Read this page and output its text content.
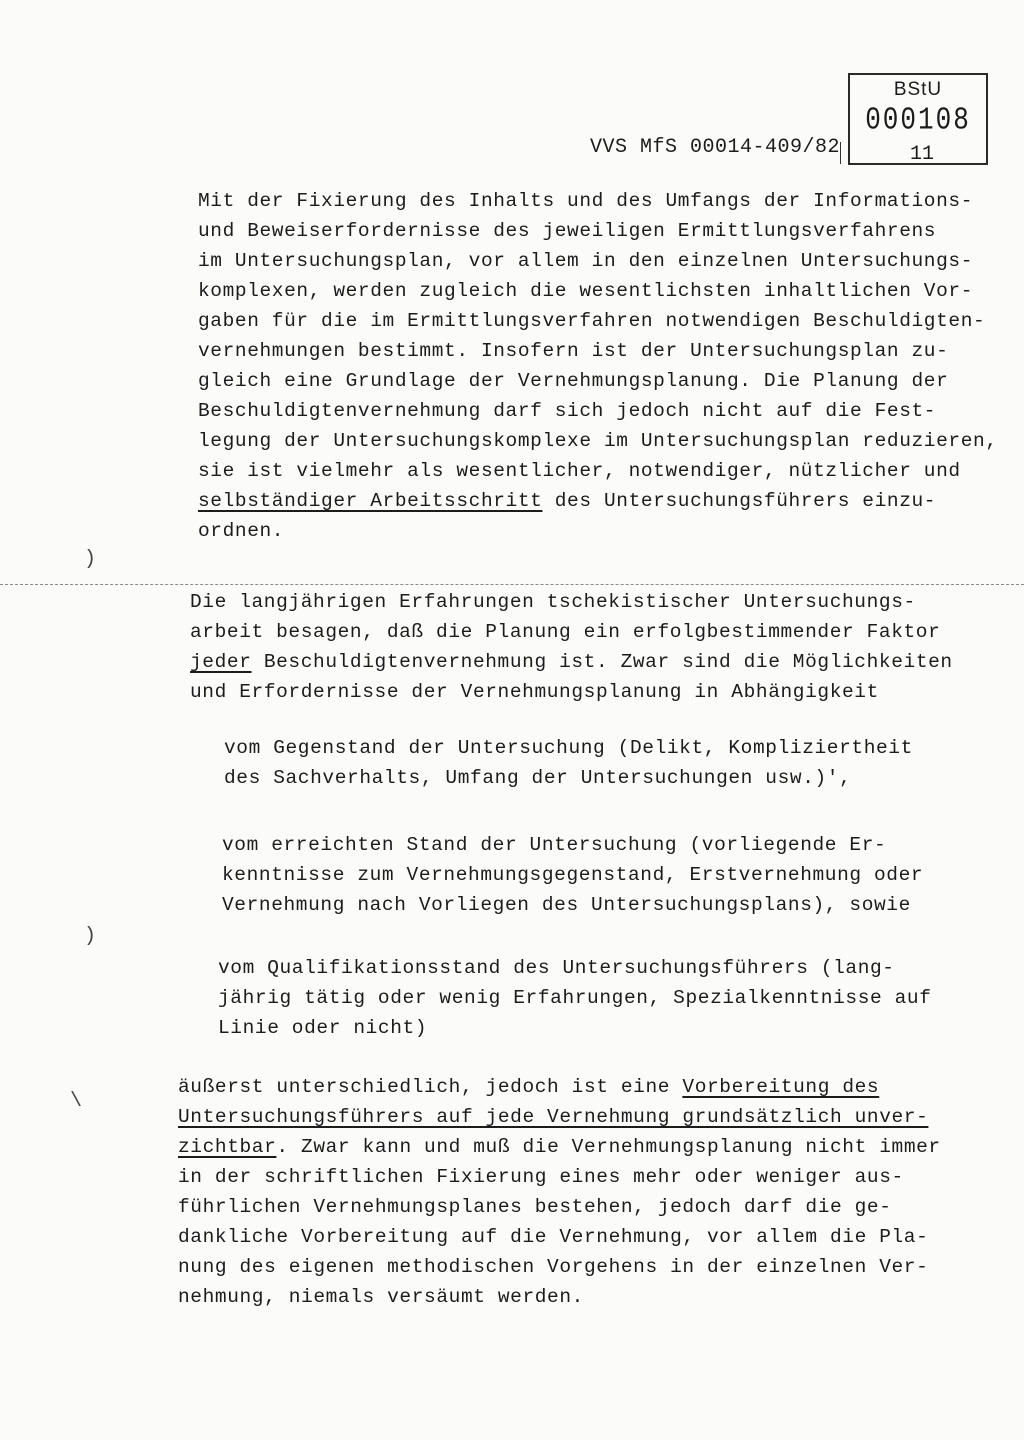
BStU
000108
11
VVS MfS 00014-409/82
Mit der Fixierung des Inhalts und des Umfangs der Informations-
und Beweiserfordernisse des jeweiligen Ermittlungsverfahrens
im Untersuchungsplan, vor allem in den einzelnen Untersuchungs-
komplexen, werden zugleich die wesentlichsten inhaltlichen Vor-
gaben für die im Ermittlungsverfahren notwendigen Beschuldigten-
vernehmungen bestimmt. Insofern ist der Untersuchungsplan zu-
gleich eine Grundlage der Vernehmungsplanung. Die Planung der
Beschuldigtenvernehmung darf sich jedoch nicht auf die Fest-
legung der Untersuchungskomplexe im Untersuchungsplan reduzieren,
sie ist vielmehr als wesentlicher, notwendiger, nützlicher und
selbständiger Arbeitsschritt des Untersuchungsführers einzu-
ordnen.
Die langjährigen Erfahrungen tschekistischer Untersuchungs-
arbeit besagen, daß die Planung ein erfolgbestimmender Faktor
jeder Beschuldigtenvernehmung ist. Zwar sind die Möglichkeiten
und Erfordernisse der Vernehmungsplanung in Abhängigkeit
vom Gegenstand der Untersuchung (Delikt, Kompliziertheit
des Sachverhalts, Umfang der Untersuchungen usw.)',
vom erreichten Stand der Untersuchung (vorliegende Er-
kenntnisse zum Vernehmungsgegenstand, Erstvernehmung oder
Vernehmung nach Vorliegen des Untersuchungsplans), sowie
vom Qualifikationsstand des Untersuchungsführers (lang-
jährig tätig oder wenig Erfahrungen, Spezialkenntnisse auf
Linie oder nicht)
äußerst unterschiedlich, jedoch ist eine Vorbereitung des
Untersuchungsführers auf jede Vernehmung grundsätzlich unver-
zichtbar. Zwar kann und muß die Vernehmungsplanung nicht immer
in der schriftlichen Fixierung eines mehr oder weniger aus-
führlichen Vernehmungsplanes bestehen, jedoch darf die ge-
dankliche Vorbereitung auf die Vernehmung, vor allem die Pla-
nung des eigenen methodischen Vorgehens in der einzelnen Ver-
nehmung, niemals versäumt werden.
)
)
\
